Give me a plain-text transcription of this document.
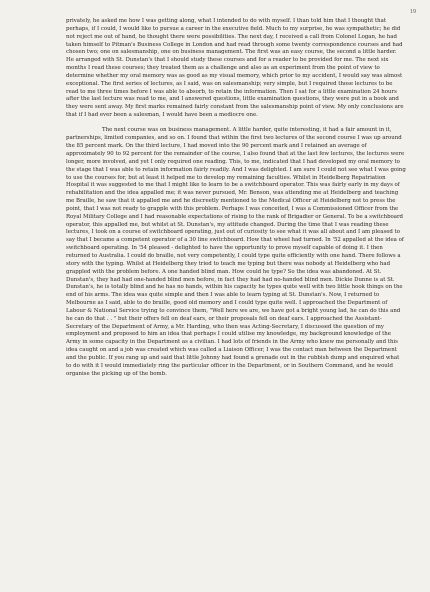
19

privately, he asked me how I was getting along, what I intended to do with myself. I than told him that I thought that perhaps, if I could, I would like to pursue a career in the executive field. Much to my surprise, he was sympathetic; he did not reject me out of hand, he thought there were possibilities. The next day, I received a call from Colonel Logan, he had taken himself to Pitman's Business College in London and had read through some twenty correspondence courses and had chosen two; one on salesmanship, one on business management. The first was an easy course, the second a little harder. He arranged with St. Dunstan's that I should study these courses and for a reader to be provided for me. The next six months I read these courses; they treated them as a challenge and also as an experiment from the point of view to determine whether my oral memory was as good as my visual memory, which prior to my accident, I would say was almost exceptional. The first series of lectures, as I said, was on salesmanship; very simple, but I required those lectures to be read to me three times before I was able to absorb, to retain the information. Then I sat for a little examination 24 hours after the last lecture was read to me, and I answered questions, little examination questions, they were put in a book and they were sent away. My first marks remained fairly constant from the salesmanship point of view. My only conclusions are that if I had ever been a salesman, I would have been a mediocre one.

The next course was on business management. A little harder, quite interesting, it had a fair amount in it, partnerships, limited companies, and so on. I found that within the first two lectures of the second course I was up around the 85 percent mark. On the third lecture, I had moved into the 90 percent mark and I retained an average of approximately 90 to 92 percent for the remainder of the course, I also found that at the last few lectures, the lectures were longer, more involved, and yet I only required one reading. This, to me, indicated that I had developed my oral memory to the stage that I was able to retain information fairly readily. And I was delighted. I am sure I could not see what I was going to use the courses for, but at least it helped me to develop my remaining faculties. Whilst in Heidelberg Repatriation Hospital it was suggested to me that I might like to learn to be a switchboard operator. This was fairly early in my days of rehabilitation and the idea appalled me; it was never pursued, Mr. Benson, was attending me at Heidelberg and teaching me Braille, he saw that it appalled me and he discreetly mentioned to the Medical Officer at Heidelberg not to press the point, that I was not ready to grapple with this problem. Perhaps I was conceited, I was a Commissioned Officer from the Royal Military College and I had reasonable expectations of rising to the rank of Brigadier or General. To be a switchboard operator, this appalled me, but whilst at St. Dunstan's, my attitude changed. During the time that I was reading these lectures, I took on a course of switchboard operating, just out of curiosity to see what it was all about and I am pleased to say that I became a competent operator of a 30 line switchboard. How that wheel had turned. In '52 appalled at the idea of switchboard operating. In '54 pleased - delighted to have the opportunity to prove myself capable of doing it. I then returned to Australia. I could do braille, not very competently, I could type quite efficiently with one hand. There follows a story with the typing. Whilst at Heidelberg they tried to teach me typing but there was nobody at Heidelberg who had grappled with the problem before. A one handed blind man. How could he type? So the idea was abandoned. At St. Dunstan's, they had had one-handed blind men before, in fact they had had no-handed blind men. Dickie Dunne is at St. Dunstan's, he is totally blind and he has no hands, within his capacity he types quite well with two little hook things on the end of his arms. The idea was quite simple and then I was able to learn typing at St. Dunstan's. Now, I returned to Melbourne as I said, able to do braille, good old memory and I could type quite well. I approached the Department of Labour & National Service trying to convince them, "Well here we are, we have got a bright young lad, he can do this and he can do that . . " but their offers fell on deaf ears, or their proposals fell on deaf ears. I approached the Assistant-Secretary of the Department of Army, a Mr. Harding, who then was Acting-Secretary, I discussed the question of my employment and proposed to him an idea that perhaps I could utilise my knowledge, my background knowledge of the Army in some capacity in the Department as a civilian. I had lots of friends in the Army who knew me personally and this idea caught on and a job was created which was called a Liaison Officer, I was the contact man between the Department and the public. If you rang up and said that little Johnny had found a grenade out in the rubbish dump and enquired what to do with it I would immediately ring the particular officer in the Department, or in Southern Command, and he would organise the picking up of the bomb.
